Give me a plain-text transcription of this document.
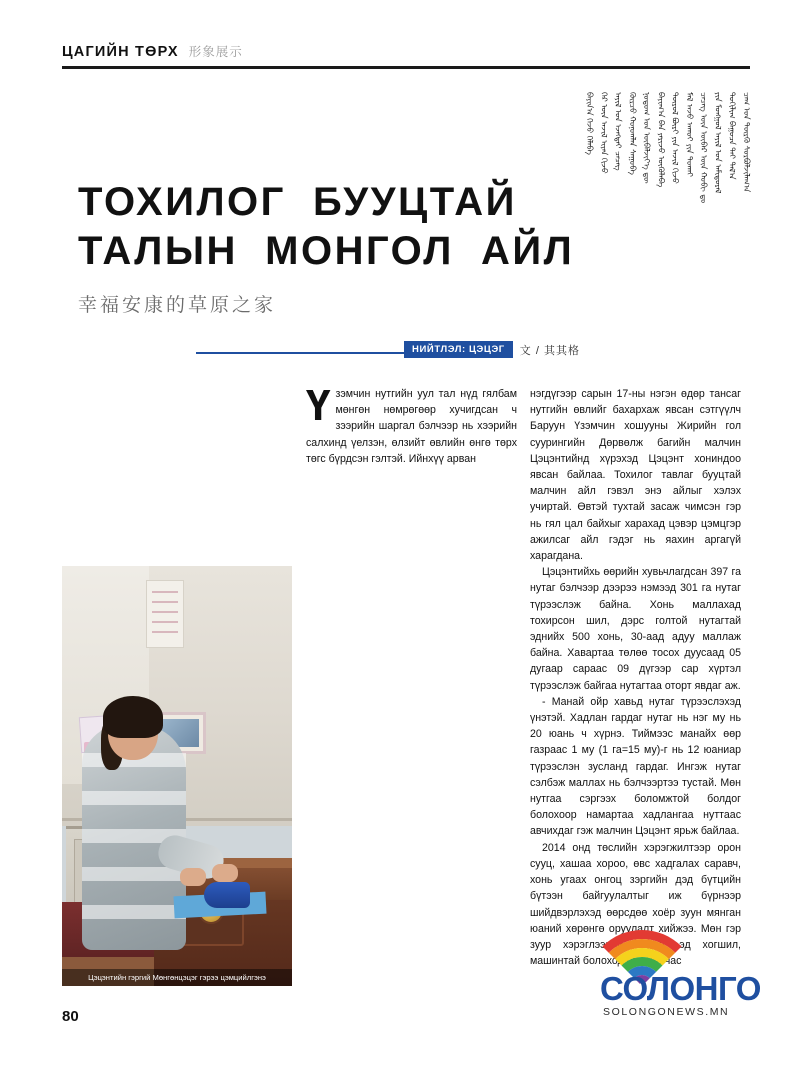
ЦАГИЙН ТӨРХ 形象展示
ᠴᠠᠭ ᠤᠨ ᠲᠥᠷᠬᠦ ᠰᠤᠷᠪᠤᠯᠵᠢᠯᠠᠭ᠎ᠠ
ᠲᠣᠬᠢᠯᠢᠭ ᠪᠠᠭᠤᠴᠠ ᠲᠠᠢ ᠲᠠᠯ᠎ᠠ
ᠶᠢᠨ ᠮᠣᠩᠭᠣᠯ ᠠᠶᠢᠯ ᠤᠨ ᠠᠮᠢᠳᠤᠷᠠᠯ
ᠴᠡᠴᠡᠭ ᠦᠨ ᠥᠪᠡᠷ ᠦᠨ ᠬᠤᠪᠢ ᠳᠤ
ᠮᠠᠯ ᠠᠵᠤ ᠠᠬᠤᠢ ᠶᠢᠨ ᠲᠤᠬᠠᠢ
ᠲᠥᠷᠥᠯ ᠪᠦᠷᠢ ᠶᠢᠨ ᠠᠵᠢᠯ ᠬᠢᠵᠦ
ᠪᠠᠶᠢᠭ᠎ᠠ ᠪᠠᠨ ᠶᠠᠷᠢᠵᠤ ᠥᠭᠥᠯᠡᠪᠡ
ᠨᠤᠲᠤᠭ ᠤᠨ ᠥᠪᠡᠯᠵᠢᠶ᠎ᠡ ᠳᠦ
ᠬᠦᠷᠴᠦ ᠬᠣᠨᠣᠭᠯᠠᠨ ᠰᠠᠭᠤᠪᠠ
ᠠᠶᠢᠯ ᠤᠨ ᠡᠵᠡᠭᠲᠡᠢ ᠴᠡᠴᠡᠭ
ᠭᠡᠷ ᠦᠨ ᠠᠵᠢᠯ ᠢᠶᠠᠨ ᠬᠢᠵᠦ
ᠪᠠᠶᠢᠨ᠎ᠠ ᠭᠡᠵᠦ ᠬᠡᠯᠡᠪᠡ
ТОХИЛОГ  БУУЦТАЙ
ТАЛЫН  МОНГОЛ  АЙЛ
幸福安康的草原之家
НИЙТЛЭЛ: ЦЭЦЭГ	文 / 其其格

Үзэмчин нутгийн уул тал нүд гялбам мөнгөн нөмрөгөөр хучигдсан ч зээрийн шаргал бэлчээр нь хээрийн салхинд үелзэн, өлзийт өвлийн өнгө төрх төгс бүрдсэн гэлтэй. Ийнхүү арван

нэгдүгээр сарын 17-ны нэгэн өдөр тансаг нутгийн өвлийг бахархаж явсан сэтгүүлч Баруун Үзэмчин хошууны Жирийн гол суурингийн Дөрвөлж багийн малчин Цэцэнтийнд хүрэхэд Цэцэнт хониндоо явсан байлаа. Тохилог тавлаг бууцтай малчин айл гэвэл энэ айлыг хэлэх учиртай. Өвтэй тухтай засаж чимсэн гэр нь гял цал байхыг харахад цэвэр цэмцгэр ажилсаг айл гэдэг нь яахин аргагүй харагдана.

Цэцэнтийхь өөрийн хувьчлагдсан 397 га нутаг бэлчээр дээрээ нэмээд 301 га нутаг түрээслэж байна. Хонь маллахад тохирсон шил, дэрс голтой нутагтай эднийх 500 хонь, 30-аад адуу маллаж байна. Хавартаа төлөө тосох дуусаад 05 дугаар сараас 09 дүгээр сар хүртэл түрээслэж байгаа нутагтаа оторт явдаг аж.

- Манай ойр хавьд нутаг түрээслэхэд үнэтэй. Хадлан гардаг нутаг нь нэг му нь 20 юань ч хүрнэ. Тиймээс манайх өөр газраас 1 му (1 га=15 му)-г нь 12 юаниар түрээслэн зусланд гардаг. Ингэж нутаг сэлбэж маллах нь бэлчээртээ тустай. Мөн нутгаа сэргээх боломжтой болдог болохоор намартаа хадлангаа нуттаас авчихдаг гэж малчин Цэцэнт ярьж байлаа.

2014 онд төслийн хэрэгжилтээр орон сууц, хашаа хороо, өвс хадгалах саравч, хонь угаах онгоц зэргийн дэд бүтцийн бүтээн байгуулалтыг иж бүрнээр шийдвэрлэхэд өөрсдөө хоёр зуун мянган юаний хөрөнгө оруулалт хийжээ. Мөн гэр зуур хэрэглээний бараа, эд хогшил, машинтай болоход өвлийн час

Цэцэнтийн гэргий Мөнгөнцэцэг гэрээ цэмцийлгэнэ	СОЛОНГО
SOLONGONEWS.MN
80
